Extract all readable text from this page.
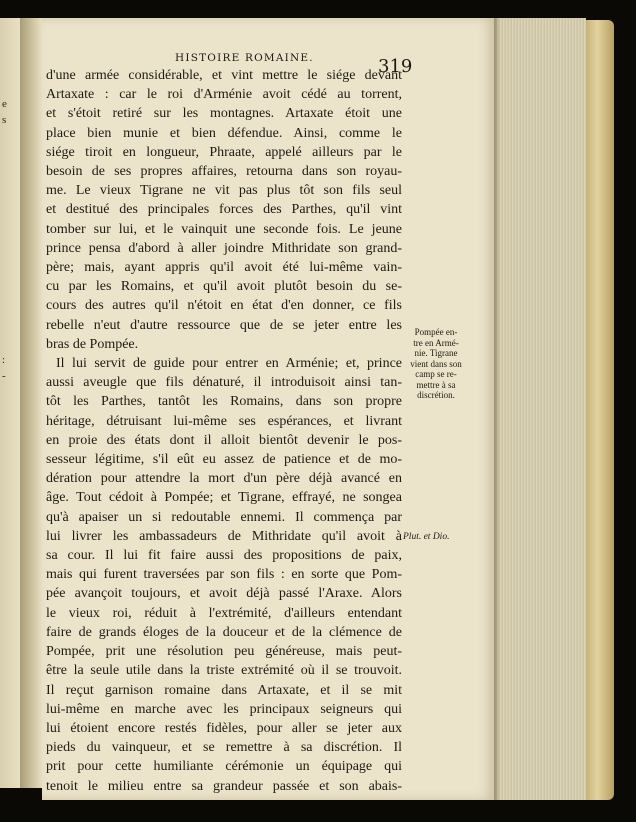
e
s
:
-
HISTOIRE ROMAINE.	319
d'une armée considérable, et vint mettre le siége devant
Artaxate : car le roi d'Arménie avoit cédé au torrent,
et s'étoit retiré sur les montagnes. Artaxate étoit une
place bien munie et bien défendue. Ainsi, comme le
siége tiroit en longueur, Phraate, appelé ailleurs par le
besoin de ses propres affaires, retourna dans son royau-
me. Le vieux Tigrane ne vit pas plus tôt son fils seul
et destitué des principales forces des Parthes, qu'il vint
tomber sur lui, et le vainquit une seconde fois. Le jeune
prince pensa d'abord à aller joindre Mithridate son grand-
père; mais, ayant appris qu'il avoit été lui-même vain-
cu par les Romains, et qu'il avoit plutôt besoin du se-
cours des autres qu'il n'étoit en état d'en donner, ce fils
rebelle n'eut d'autre ressource que de se jeter entre les
bras de Pompée.
Il lui servit de guide pour entrer en Arménie; et, prince
aussi aveugle que fils dénaturé, il introduisoit ainsi tan-
tôt les Parthes, tantôt les Romains, dans son propre
héritage, détruisant lui-même ses espérances, et livrant
en proie des états dont il alloit bientôt devenir le pos-
sesseur légitime, s'il eût eu assez de patience et de mo-
dération pour attendre la mort d'un père déjà avancé en
âge. Tout cédoit à Pompée; et Tigrane, effrayé, ne songea
qu'à apaiser un si redoutable ennemi. Il commença par
lui livrer les ambassadeurs de Mithridate qu'il avoit à
sa cour. Il lui fit faire aussi des propositions de paix,
mais qui furent traversées par son fils : en sorte que Pom-
pée avançoit toujours, et avoit déjà passé l'Araxe. Alors
le vieux roi, réduit à l'extrémité, d'ailleurs entendant
faire de grands éloges de la douceur et de la clémence de
Pompée, prit une résolution peu généreuse, mais peut-
être la seule utile dans la triste extrémité où il se trouvoit.
Il reçut garnison romaine dans Artaxate, et il se mit
lui-même en marche avec les principaux seigneurs qui
lui étoient encore restés fidèles, pour aller se jeter aux
pieds du vainqueur, et se remettre à sa discrétion. Il
prit pour cette humiliante cérémonie un équipage qui
tenoit le milieu entre sa grandeur passée et son abais-
Pompée en-
tre en Armé-
nie. Tigrane
vient dans son
camp se re-
mettre à sa
discrétion.
Plut. et Dio.
